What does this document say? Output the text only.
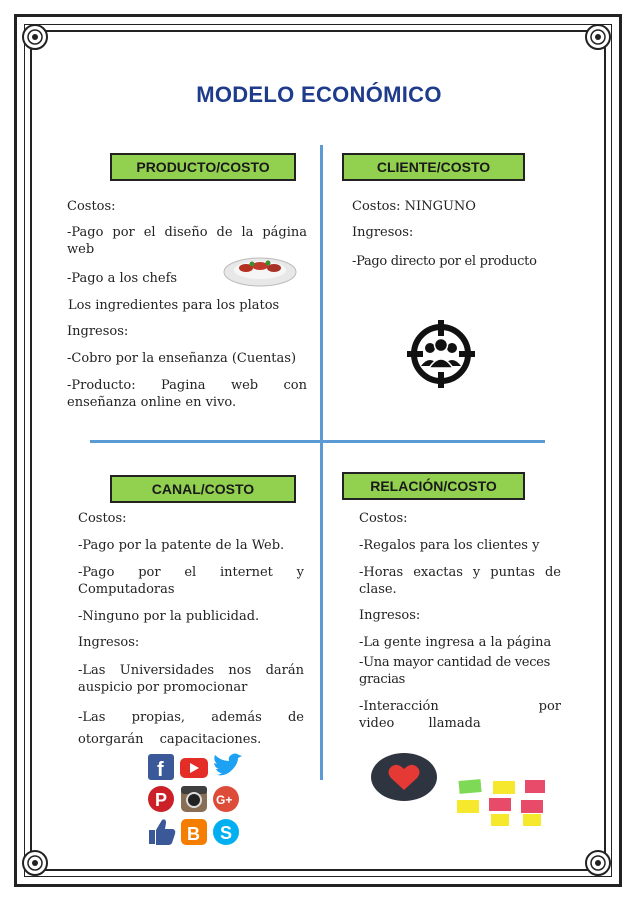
MODELO ECONÓMICO
PRODUCTO/COSTO
Costos:
-Pago por el diseño de la página web
-Pago a los chefs
Los ingredientes para los platos
Ingresos:
-Cobro por la enseñanza (Cuentas)
-Producto: Pagina web con enseñanza online en vivo.
CLIENTE/COSTO
Costos: NINGUNO
Ingresos:
-Pago directo por el producto
CANAL/COSTO
Costos:
-Pago por la patente de la Web.
-Pago por el internet y Computadoras
-Ninguno por la publicidad.
Ingresos:
-Las Universidades nos darán auspicio por promocionar
-Las propias, además de otorgarán capacitaciones.
f
P	G+
B S
RELACIÓN/COSTO
Costos:
-Regalos para los clientes y
-Horas exactas y puntas de clase.
Ingresos:
-La gente ingresa a la página
-Una mayor cantidad de veces gracias
-Interacción por video llamada
